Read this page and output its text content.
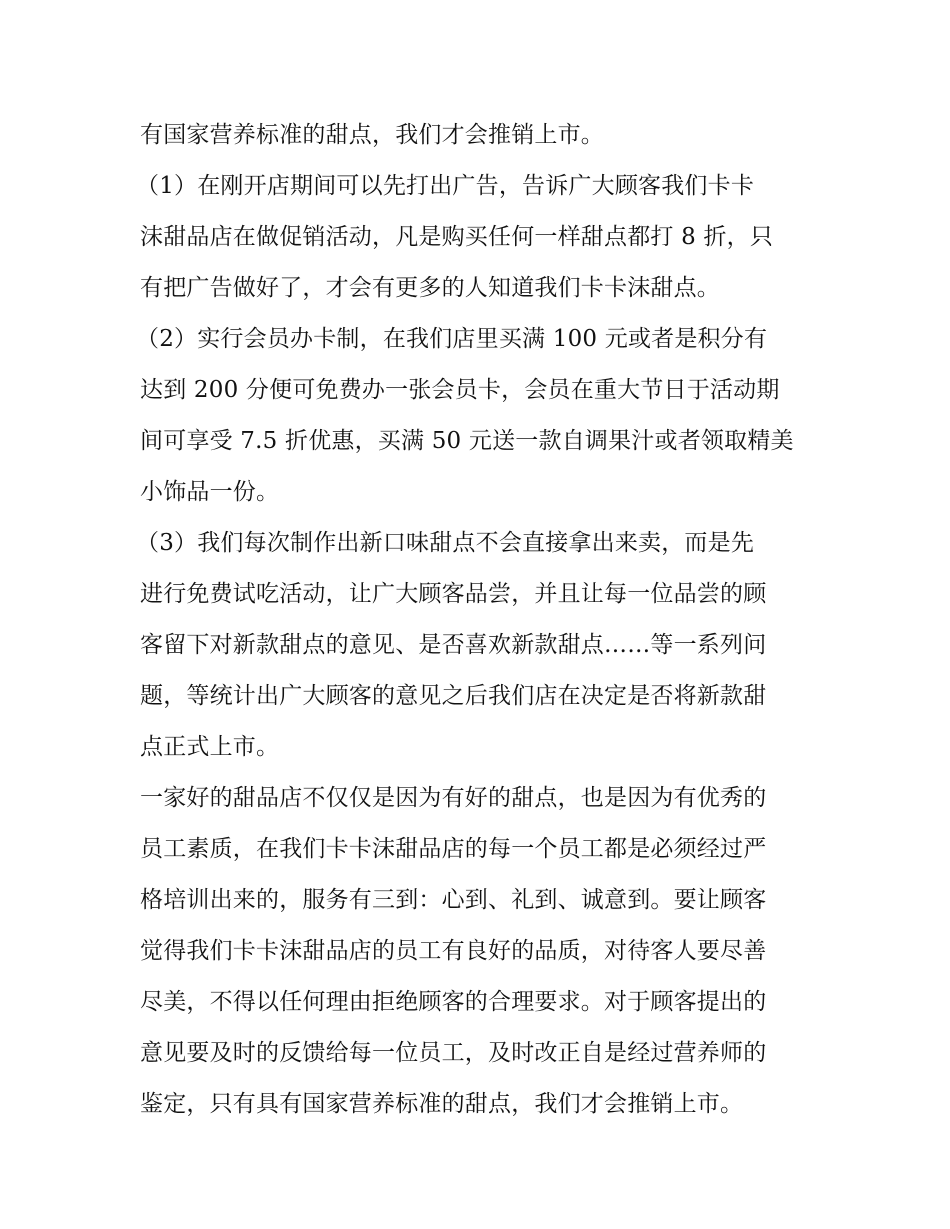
有国家营养标准的甜点，我们才会推销上市。
（1）在刚开店期间可以先打出广告，告诉广大顾客我们卡卡
沫甜品店在做促销活动，凡是购买任何一样甜点都打 8 折，只
有把广告做好了，才会有更多的人知道我们卡卡沫甜点。
（2）实行会员办卡制，在我们店里买满 100 元或者是积分有
达到 200 分便可免费办一张会员卡，会员在重大节日于活动期
间可享受 7.5 折优惠，买满 50 元送一款自调果汁或者领取精美
小饰品一份。
（3）我们每次制作出新口味甜点不会直接拿出来卖，而是先
进行免费试吃活动，让广大顾客品尝，并且让每一位品尝的顾
客留下对新款甜点的意见、是否喜欢新款甜点……等一系列问
题，等统计出广大顾客的意见之后我们店在决定是否将新款甜
点正式上市。
一家好的甜品店不仅仅是因为有好的甜点，也是因为有优秀的
员工素质，在我们卡卡沫甜品店的每一个员工都是必须经过严
格培训出来的，服务有三到：心到、礼到、诚意到。要让顾客
觉得我们卡卡沫甜品店的员工有良好的品质，对待客人要尽善
尽美，不得以任何理由拒绝顾客的合理要求。对于顾客提出的
意见要及时的反馈给每一位员工，及时改正自是经过营养师的
鉴定，只有具有国家营养标准的甜点，我们才会推销上市。
